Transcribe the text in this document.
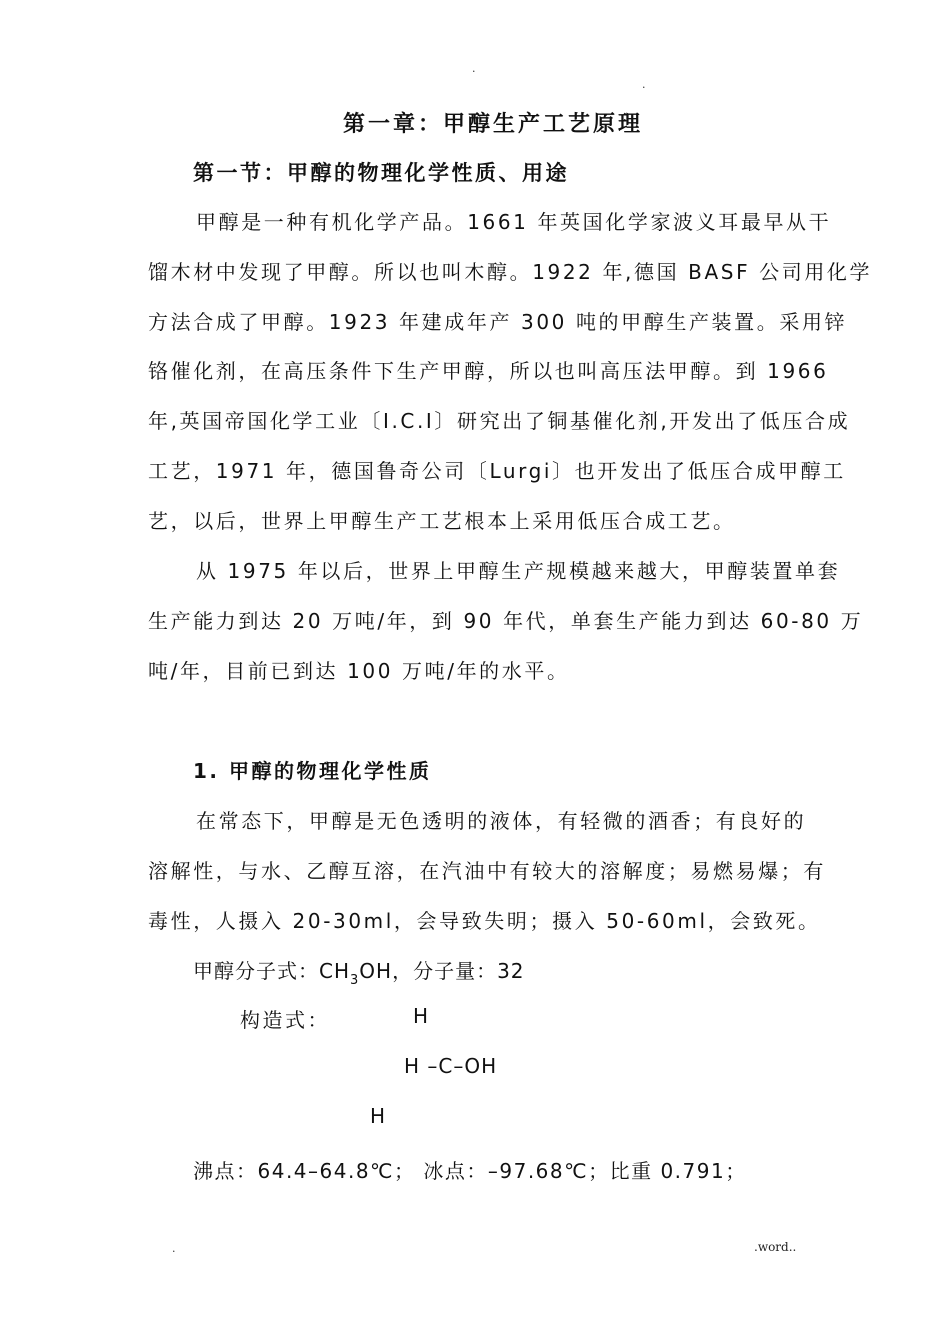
.
.
第一章：甲醇生产工艺原理
第一节：甲醇的物理化学性质、用途
甲醇是一种有机化学产品。1661 年英国化学家波义耳最早从干
馏木材中发现了甲醇。所以也叫木醇。1922 年,德国 BASF 公司用化学
方法合成了甲醇。1923 年建成年产 300 吨的甲醇生产装置。采用锌
铬催化剂，在高压条件下生产甲醇，所以也叫高压法甲醇。到 1966
年,英国帝国化学工业〔I.C.I〕研究出了铜基催化剂,开发出了低压合成
工艺，1971 年，德国鲁奇公司〔Lurgi〕也开发出了低压合成甲醇工
艺，以后，世界上甲醇生产工艺根本上采用低压合成工艺。
从 1975 年以后，世界上甲醇生产规模越来越大，甲醇装置单套
生产能力到达 20 万吨/年，到 90 年代，单套生产能力到达 60-80 万
吨/年，目前已到达 100 万吨/年的水平。
1. 甲醇的物理化学性质
在常态下，甲醇是无色透明的液体，有轻微的酒香；有良好的
溶解性，与水、乙醇互溶，在汽油中有较大的溶解度；易燃易爆；有
毒性，人摄入 20-30ml，会导致失明；摄入 50-60ml，会致死。
甲醇分子式：$CH_3OH$，分子量：32
构造式：	H
H –C–OH
H
沸点：64.4–64.8℃； 冰点：–97.68℃；比重 0.791；
.	.word..
